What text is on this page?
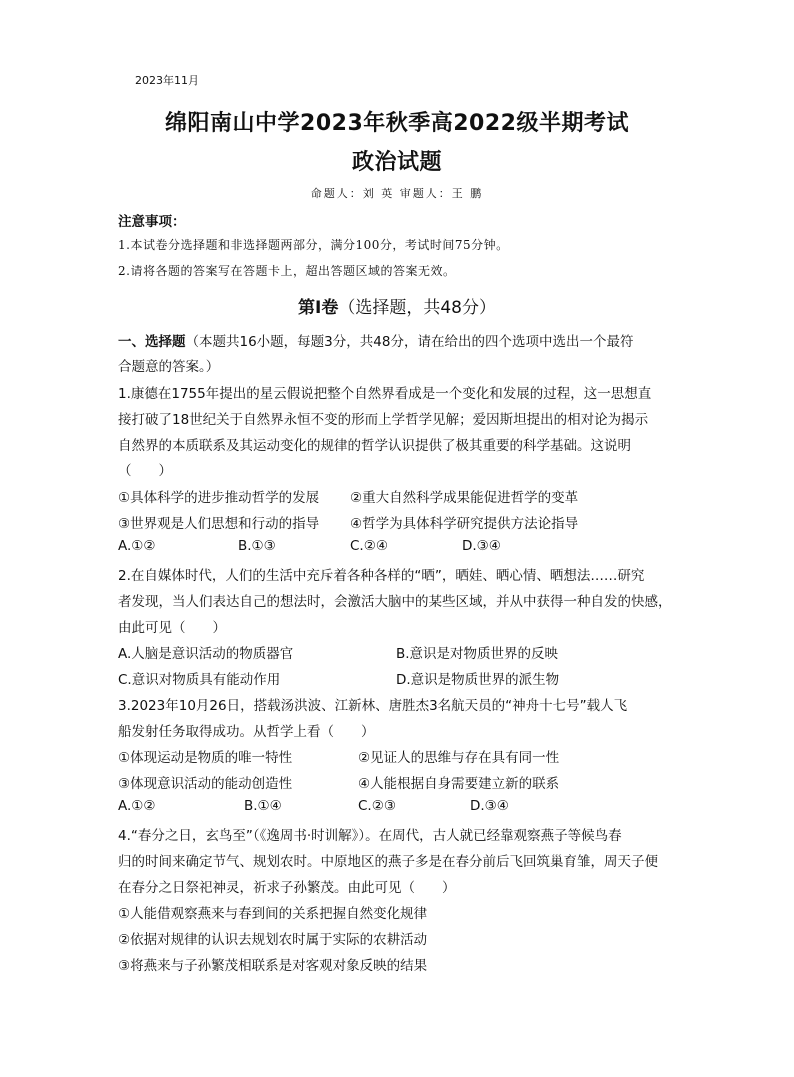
2023年11月
绵阳南山中学2023年秋季高2022级半期考试
政治试题
命题人：刘 英 审题人：王 鹏
注意事项：
1.本试卷分选择题和非选择题两部分，满分100分，考试时间75分钟。
2.请将各题的答案写在答题卡上，超出答题区域的答案无效。
第Ⅰ卷（选择题，共48分）
一、选择题（本题共16小题，每题3分，共48分，请在给出的四个选项中选出一个最符
合题意的答案。）
1.康德在1755年提出的星云假说把整个自然界看成是一个变化和发展的过程，这一思想直
接打破了18世纪关于自然界永恒不变的形而上学哲学见解；爱因斯坦提出的相对论为揭示
自然界的本质联系及其运动变化的规律的哲学认识提供了极其重要的科学基础。这说明
（　　）
①具体科学的进步推动哲学的发展 ②重大自然科学成果能促进哲学的变革
③世界观是人们思想和行动的指导 ④哲学为具体科学研究提供方法论指导
A.①②	B.①③	C.②④	D.③④
2.在自媒体时代，人们的生活中充斥着各种各样的“晒”，晒娃、晒心情、晒想法……研究
者发现，当人们表达自己的想法时，会激活大脑中的某些区域，并从中获得一种自发的快感，
由此可见（　　）
A.人脑是意识活动的物质器官	B.意识是对物质世界的反映
C.意识对物质具有能动作用	D.意识是物质世界的派生物
3.2023年10月26日，搭载汤洪波、江新林、唐胜杰3名航天员的“神舟十七号”载人飞
船发射任务取得成功。从哲学上看（　　）
①体现运动是物质的唯一特性	②见证人的思维与存在具有同一性
③体现意识活动的能动创造性	④人能根据自身需要建立新的联系
A.①②	B.①④	C.②③	D.③④
4.“春分之日，玄鸟至”（《逸周书·时训解》）。在周代，古人就已经靠观察燕子等候鸟春
归的时间来确定节气、规划农时。中原地区的燕子多是在春分前后飞回筑巢育雏，周天子便
在春分之日祭祀神灵，祈求子孙繁茂。由此可见（　　）
①人能借观察燕来与春到间的关系把握自然变化规律
②依据对规律的认识去规划农时属于实际的农耕活动
③将燕来与子孙繁茂相联系是对客观对象反映的结果
